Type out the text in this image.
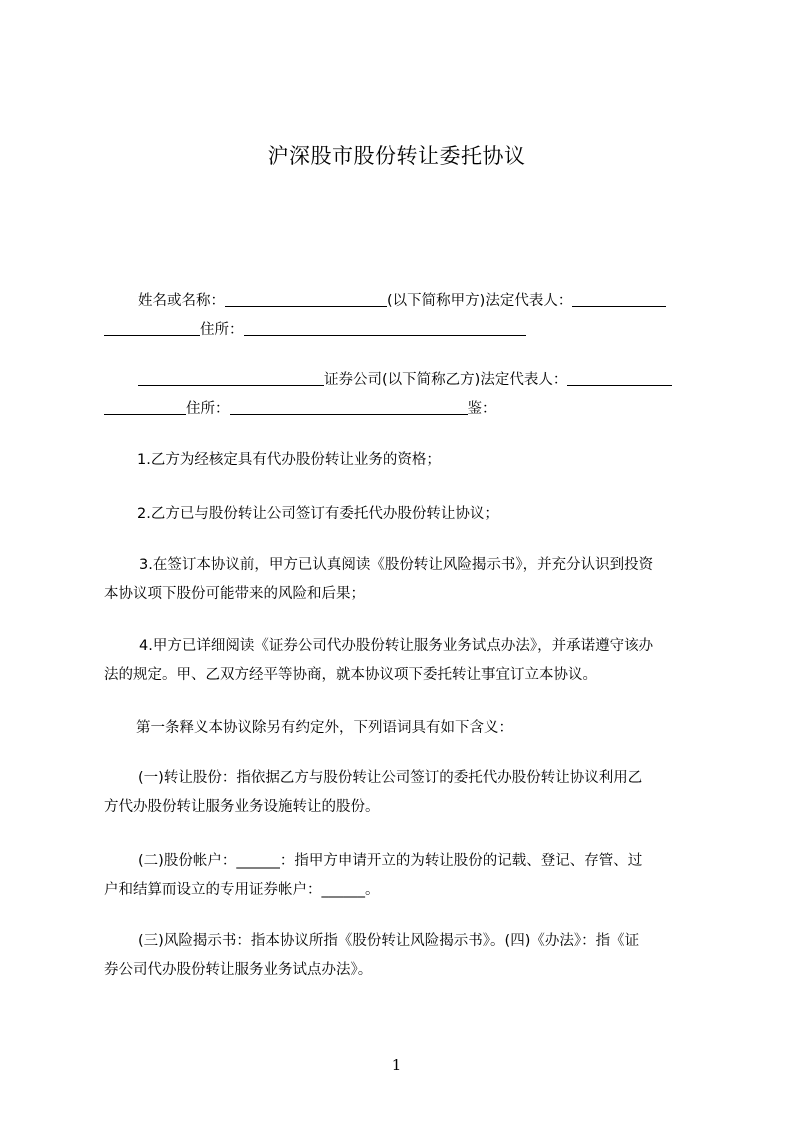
沪深股市股份转让委托协议
姓名或名称：	(以下简称甲方)法定代表人：
住所：
证券公司(以下简称乙方)法定代表人：
住所：	鉴：
1.乙方为经核定具有代办股份转让业务的资格；
2.乙方已与股份转让公司签订有委托代办股份转让协议；
3.在签订本协议前，甲方已认真阅读《股份转让风险揭示书》，并充分认识到投资
本协议项下股份可能带来的风险和后果；
4.甲方已详细阅读《证券公司代办股份转让服务业务试点办法》，并承诺遵守该办
法的规定。甲、乙双方经平等协商，就本协议项下委托转让事宜订立本协议。
第一条释义本协议除另有约定外，下列语词具有如下含义：
(一)转让股份：指依据乙方与股份转让公司签订的委托代办股份转让协议利用乙
方代办股份转让服务业务设施转让的股份。
(二)股份帐户：______：指甲方申请开立的为转让股份的记载、登记、存管、过
户和结算而设立的专用证券帐户：______。
(三)风险揭示书：指本协议所指《股份转让风险揭示书》。(四)《办法》：指《证
券公司代办股份转让服务业务试点办法》。
1
